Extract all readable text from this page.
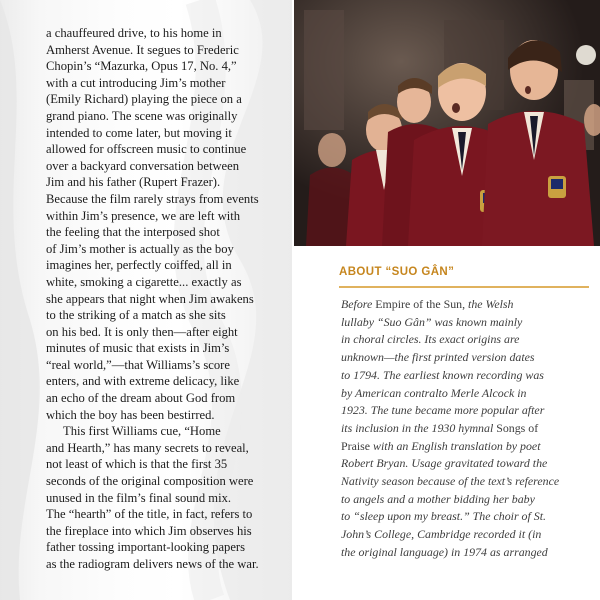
a chauffeured drive, to his home in
Amherst Avenue. It segues to Frederic
Chopin’s “Mazurka, Opus 17, No. 4,”
with a cut introducing Jim’s mother
(Emily Richard) playing the piece on a
grand piano. The scene was originally
intended to come later, but moving it
allowed for offscreen music to continue
over a backyard conversation between
Jim and his father (Rupert Frazer).
Because the film rarely strays from events
within Jim’s presence, we are left with
the feeling that the interposed shot
of Jim’s mother is actually as the boy
imagines her, perfectly coiffed, all in
white, smoking a cigarette... exactly as
she appears that night when Jim awakens
to the striking of a match as she sits
on his bed. It is only then—after eight
minutes of music that exists in Jim’s
“real world,”—that Williams’s score
enters, and with extreme delicacy, like
an echo of the dream about God from
which the boy has been bestirred.
This first Williams cue, “Home
and Hearth,” has many secrets to reveal,
not least of which is that the first 35
seconds of the original composition were
unused in the film’s final sound mix.
The “hearth” of the title, in fact, refers to
the fireplace into which Jim observes his
father tossing important-looking papers
as the radiogram delivers news of the war.
ABOUT “SUO GÂN”
Before Empire of the Sun, the Welsh
lullaby “Suo Gân” was known mainly
in choral circles. Its exact origins are
unknown—the first printed version dates
to 1794. The earliest known recording was
by American contralto Merle Alcock in
1923. The tune became more popular after
its inclusion in the 1930 hymnal Songs of
Praise with an English translation by poet
Robert Bryan. Usage gravitated toward the
Nativity season because of the text’s reference
to angels and a mother bidding her baby
to “sleep upon my breast.” The choir of St.
John’s College, Cambridge recorded it (in
the original language) in 1974 as arranged
